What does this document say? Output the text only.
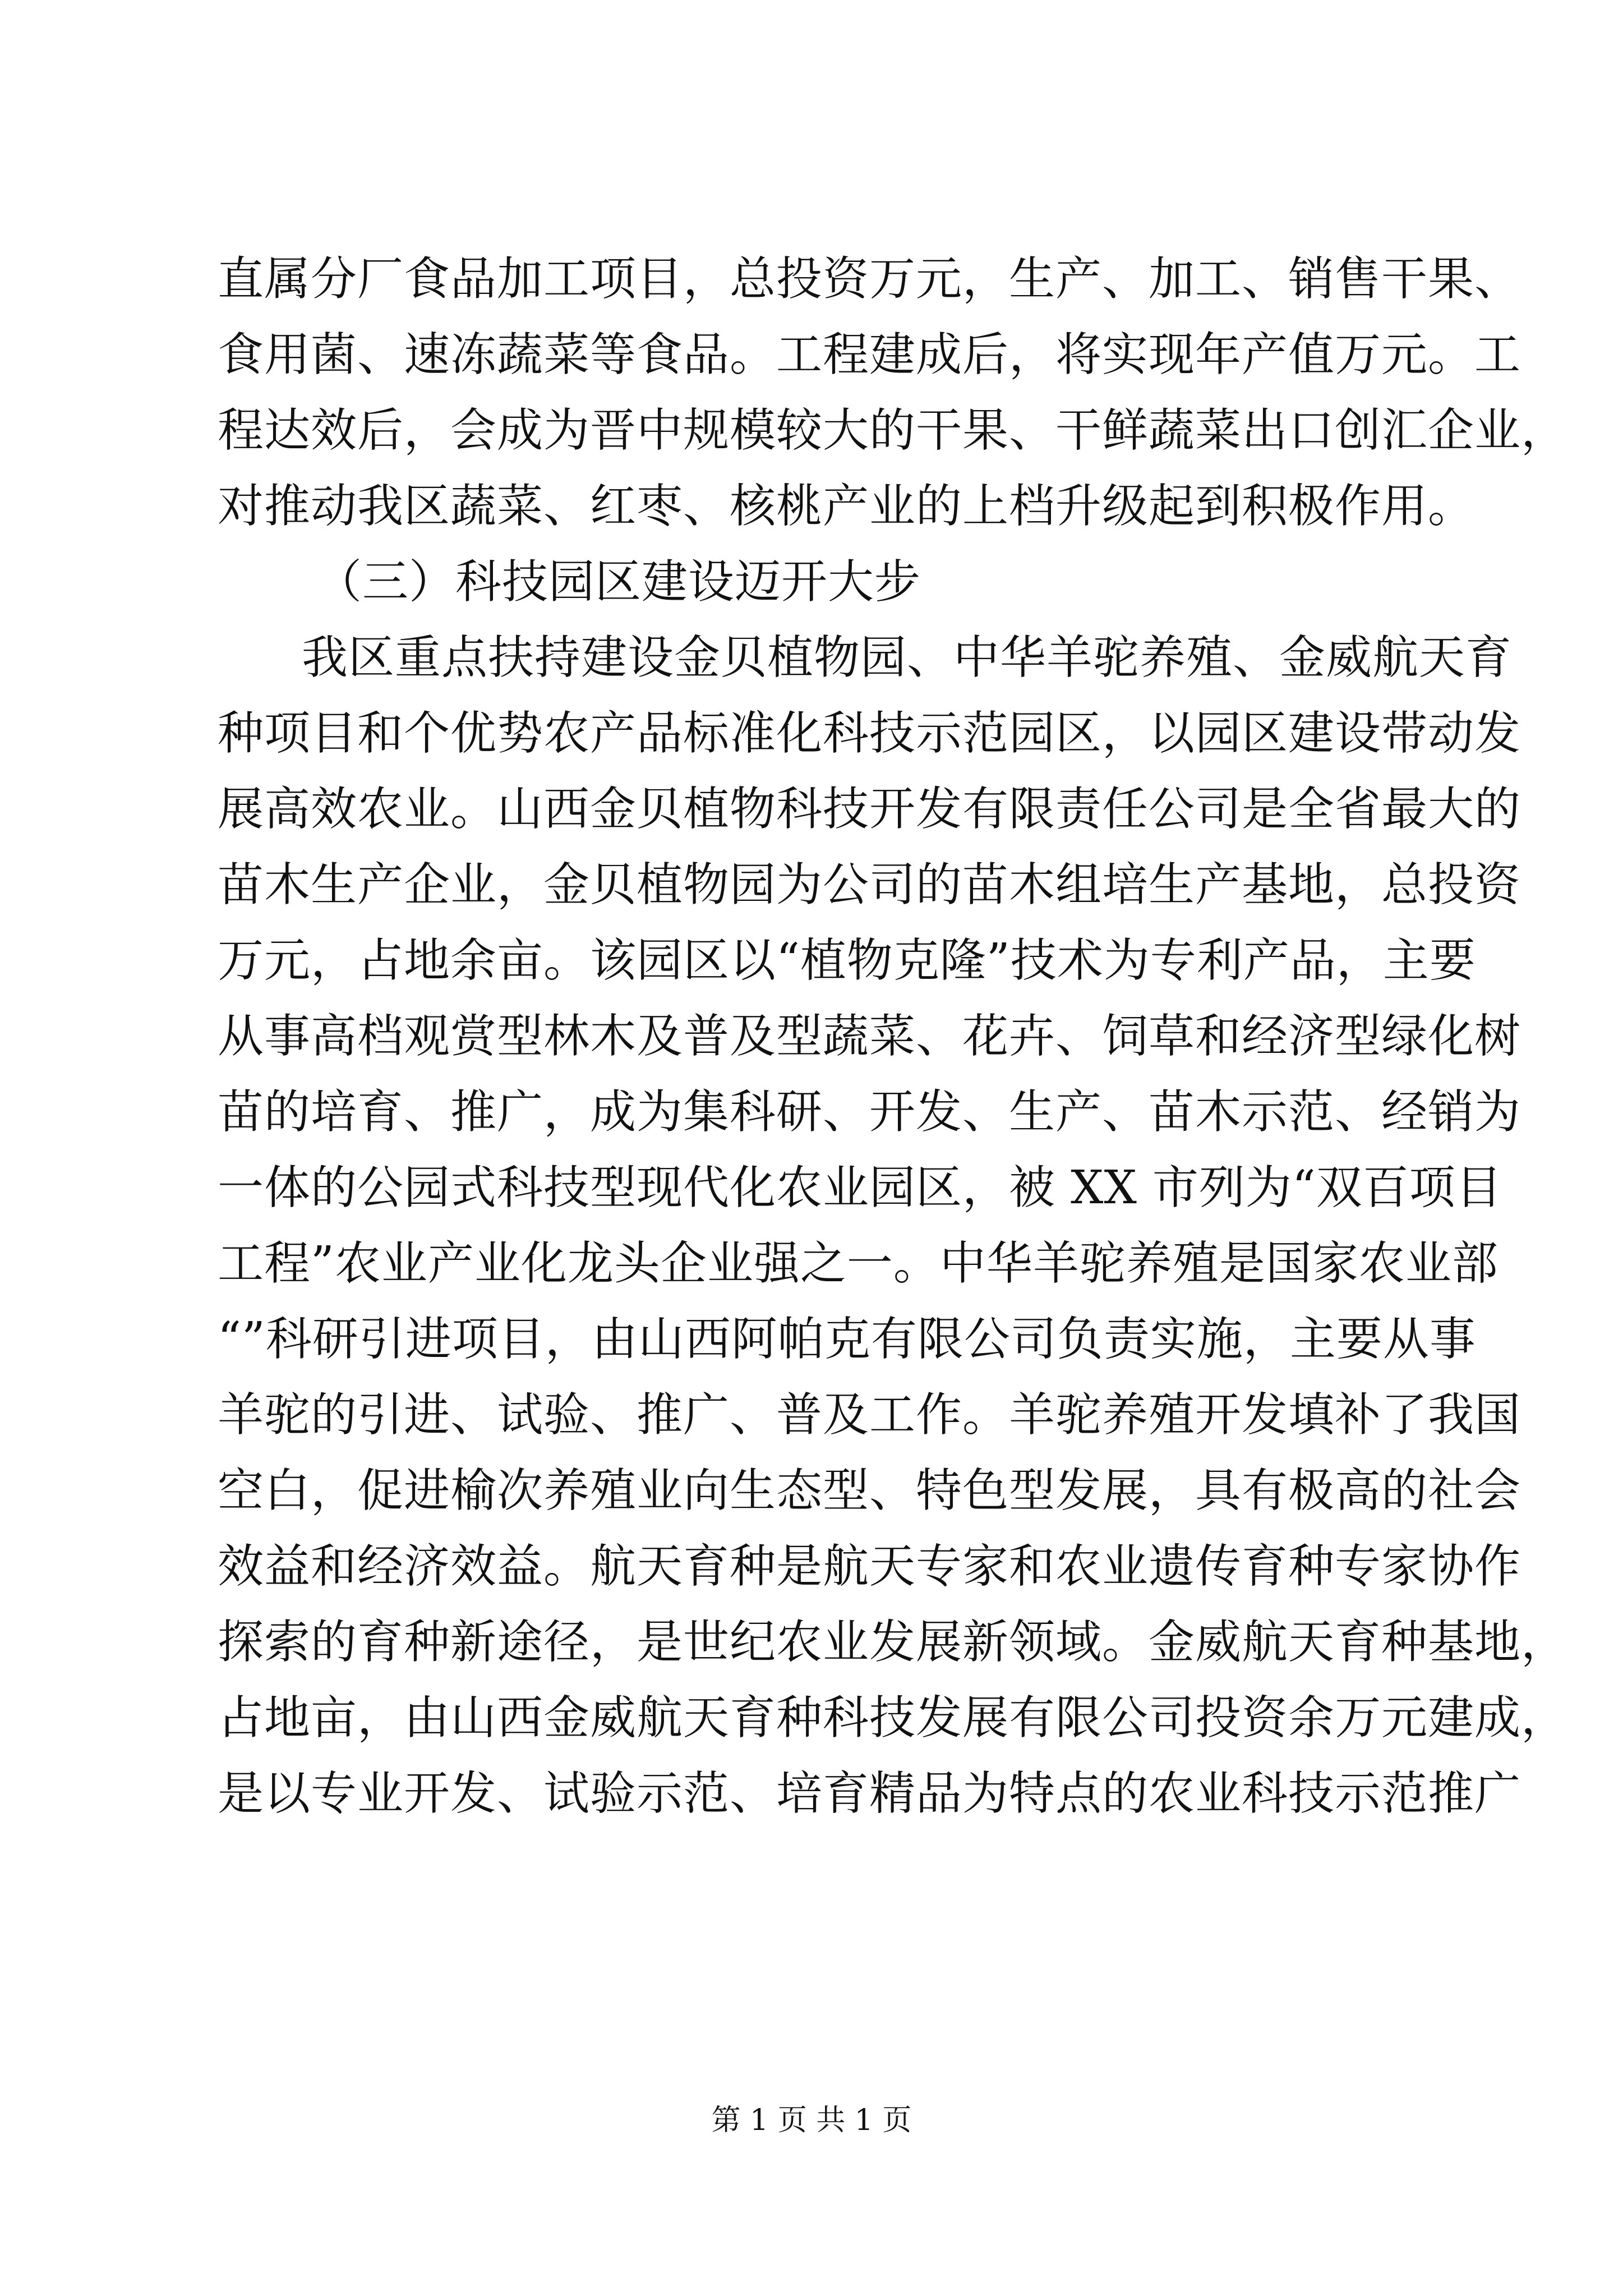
直属分厂食品加工项目，总投资万元，生产、加工、销售干果、
食用菌、速冻蔬菜等食品。工程建成后，将实现年产值万元。工
程达效后，会成为晋中规模较大的干果、干鲜蔬菜出口创汇企业，
对推动我区蔬菜、红枣、核桃产业的上档升级起到积极作用。
（三）科技园区建设迈开大步
我区重点扶持建设金贝植物园、中华羊驼养殖、金威航天育
种项目和个优势农产品标准化科技示范园区，以园区建设带动发
展高效农业。山西金贝植物科技开发有限责任公司是全省最大的
苗木生产企业，金贝植物园为公司的苗木组培生产基地，总投资
万元，占地余亩。该园区以“植物克隆”技术为专利产品，主要
从事高档观赏型林木及普及型蔬菜、花卉、饲草和经济型绿化树
苗的培育、推广，成为集科研、开发、生产、苗木示范、经销为
一体的公园式科技型现代化农业园区，被 XX 市列为“双百项目
工程”农业产业化龙头企业强之一。中华羊驼养殖是国家农业部
“”科研引进项目，由山西阿帕克有限公司负责实施，主要从事
羊驼的引进、试验、推广、普及工作。羊驼养殖开发填补了我国
空白，促进榆次养殖业向生态型、特色型发展，具有极高的社会
效益和经济效益。航天育种是航天专家和农业遗传育种专家协作
探索的育种新途径，是世纪农业发展新领域。金威航天育种基地，
占地亩，由山西金威航天育种科技发展有限公司投资余万元建成，
是以专业开发、试验示范、培育精品为特点的农业科技示范推广
第 1 页 共 1 页
